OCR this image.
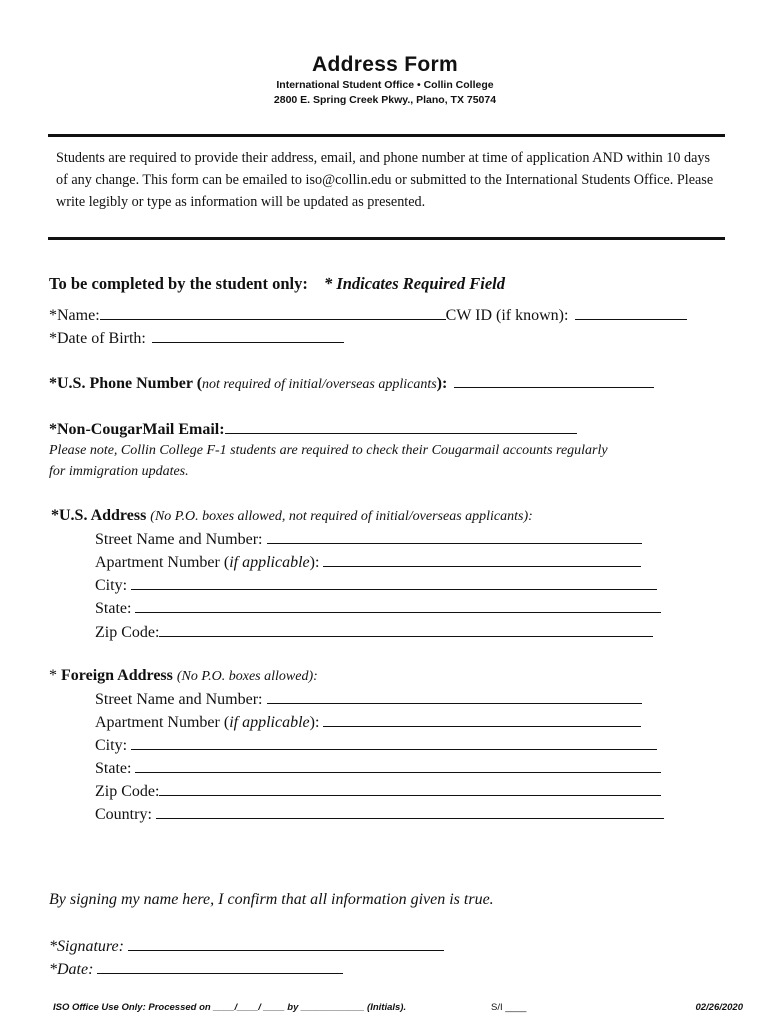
Address Form
International Student Office • Collin College
2800 E. Spring Creek Pkwy., Plano, TX 75074
Students are required to provide their address, email, and phone number at time of application AND within 10 days of any change. This form can be emailed to iso@collin.edu or submitted to the International Students Office. Please write legibly or type as information will be updated as presented.
To be completed by the student only: * Indicates Required Field
*Name:	CW ID (if known):
*Date of Birth:
*U.S. Phone Number (not required of initial/overseas applicants):
*Non-CougarMail Email:
Please note, Collin College F-1 students are required to check their Cougarmail accounts regularly
for immigration updates.
*U.S. Address (No P.O. boxes allowed, not required of initial/overseas applicants):
Street Name and Number:
Apartment Number (if applicable):
City:
State:
Zip Code:
* Foreign Address (No P.O. boxes allowed):
Street Name and Number:
Apartment Number (if applicable):
City:
State:
Zip Code:
Country:
By signing my name here, I confirm that all information given is true.
*Signature:
*Date:
ISO Office Use Only: Processed on ____/____/ ____ by ____________ (Initials).	S/I ____	02/26/2020
